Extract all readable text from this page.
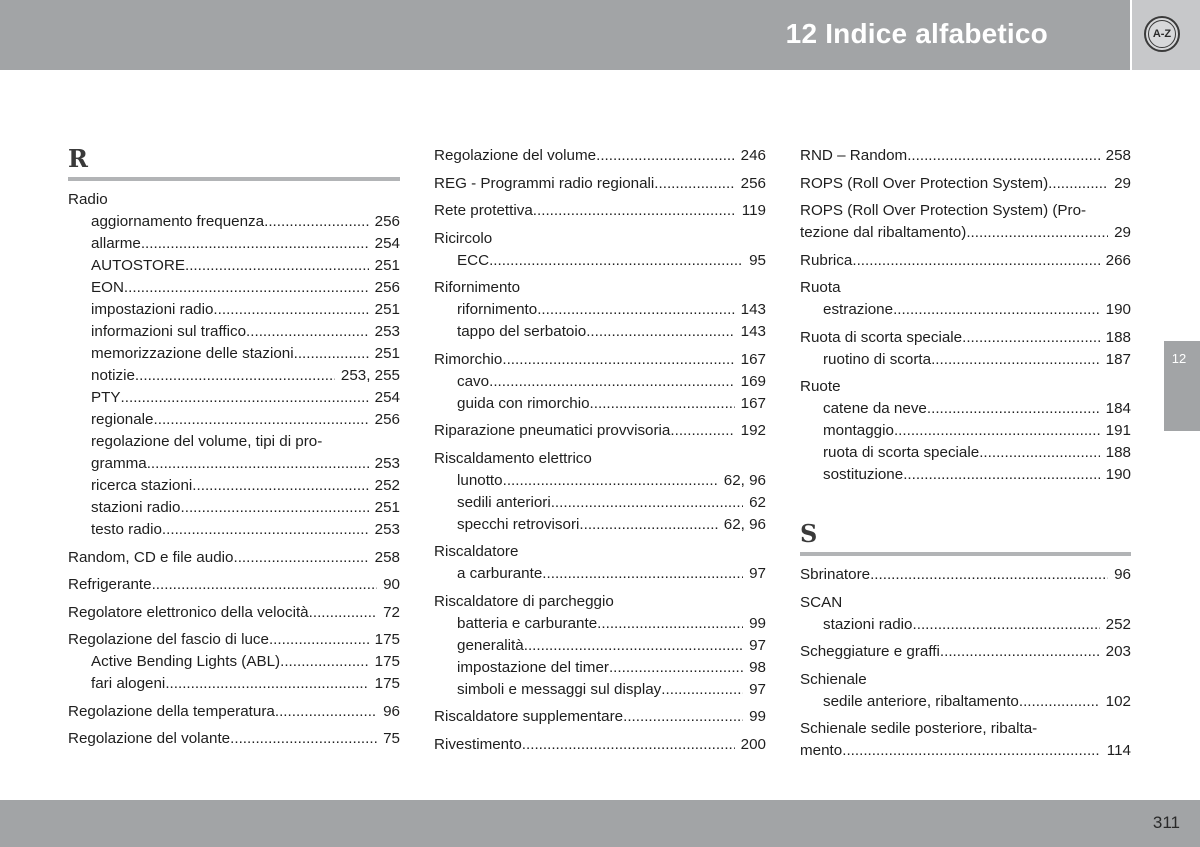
12 Indice alfabetico	A-Z
R
Radio
aggiornamento frequenza .....	256
allarme .....	254
AUTOSTORE .....	251
EON .....	256
impostazioni radio .....	251
informazioni sul traffico .....	253
memorizzazione delle stazioni .....	251
notizie .....	253, 255
PTY .....	254
regionale .....	256
regolazione del volume, tipi di pro-
gramma .....	253
ricerca stazioni .....	252
stazioni radio .....	251
testo radio .....	253
Random, CD e file audio .....	258
Refrigerante .....	90
Regolatore elettronico della velocità .....	72
Regolazione del fascio di luce .....	175
Active Bending Lights (ABL) .....	175
fari alogeni .....	175
Regolazione della temperatura .....	96
Regolazione del volante .....	75
Regolazione del volume .....	246
REG - Programmi radio regionali .....	256
Rete protettiva .....	119
Ricircolo
ECC .....	95
Rifornimento
rifornimento .....	143
tappo del serbatoio .....	143
Rimorchio .....	167
cavo .....	169
guida con rimorchio .....	167
Riparazione pneumatici provvisoria .....	192
Riscaldamento elettrico
lunotto .....	62, 96
sedili anteriori .....	62
specchi retrovisori .....	62, 96
Riscaldatore
a carburante .....	97
Riscaldatore di parcheggio
batteria e carburante .....	99
generalità .....	97
impostazione del timer .....	98
simboli e messaggi sul display .....	97
Riscaldatore supplementare .....	99
Rivestimento .....	200
RND – Random .....	258
ROPS (Roll Over Protection System) .....	29
ROPS (Roll Over Protection System) (Pro-
tezione dal ribaltamento) .....	29
Rubrica .....	266
Ruota
estrazione .....	190
Ruota di scorta speciale .....	188
ruotino di scorta .....	187
Ruote
catene da neve .....	184
montaggio .....	191
ruota di scorta speciale .....	188
sostituzione .....	190
S
Sbrinatore .....	96
SCAN
stazioni radio .....	252
Scheggiature e graffi .....	203
Schienale
sedile anteriore, ribaltamento .....	102
Schienale sedile posteriore, ribalta-
mento .....	114
12
311
